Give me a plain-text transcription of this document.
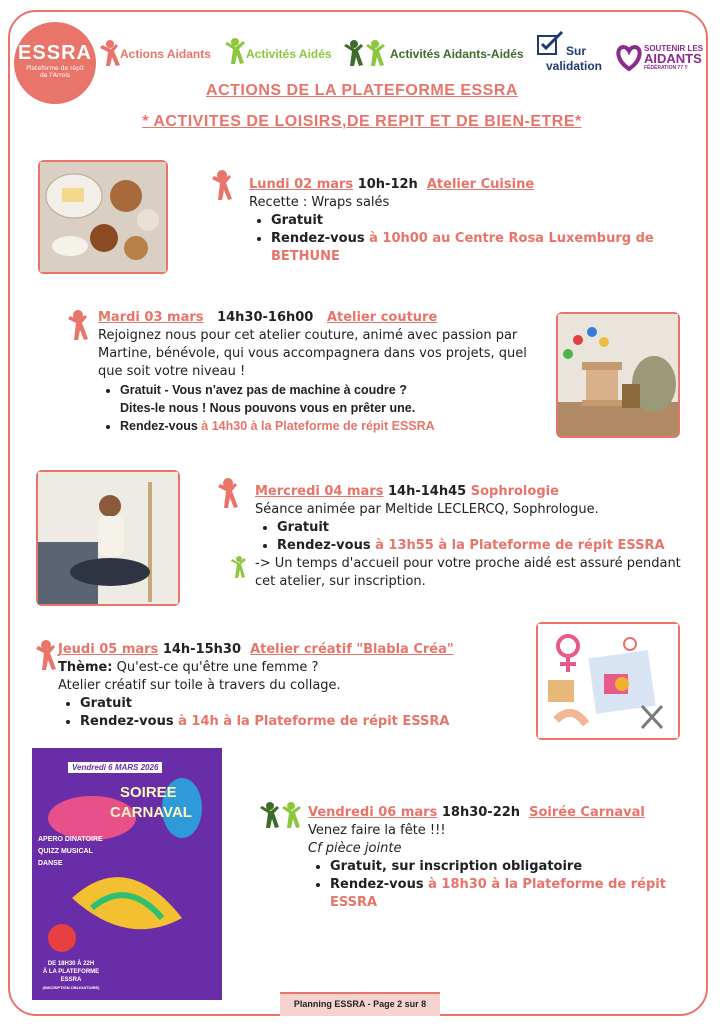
ESSRA
Plateforme de répit de l'Arrois
Actions Aidants	Activités Aidés	Activités Aidants-Aidés	Sur
validation
SOUTENIR LES
AIDANTS
FÉDÉRATION 77 !!
ACTIONS DE LA PLATEFORME ESSRA
* ACTIVITES DE LOISIRS,DE REPIT ET DE BIEN-ETRE*
Lundi 02 mars 10h-12h Atelier Cuisine
Recette : Wraps salés
• Gratuit
• Rendez-vous à 10h00 au Centre Rosa Luxemburg de BETHUNE
Mardi 03 mars 14h30-16h00 Atelier couture
Rejoignez nous pour cet atelier couture, animé avec passion par Martine, bénévole, qui vous accompagnera dans vos projets, quel que soit votre niveau !
• Gratuit - Vous n'avez pas de machine à coudre ?
Dites-le nous ! Nous pouvons vous en prêter une.
• Rendez-vous à 14h30 à la Plateforme de répit ESSRA
Mercredi 04 mars 14h-14h45 Sophrologie
Séance animée par Meltide LECLERCQ, Sophrologue.
• Gratuit
• Rendez-vous à 13h55 à la Plateforme de répit ESSRA
-> Un temps d'accueil pour votre proche aidé est assuré pendant cet atelier, sur inscription.
Jeudi 05 mars 14h-15h30 Atelier créatif "Blabla Créa"
Thème: Qu'est-ce qu'être une femme ?
Atelier créatif sur toile à travers du collage.
• Gratuit
• Rendez-vous à 14h à la Plateforme de répit ESSRA
Vendredi 6 MARS 2026
SOIREE
CARNAVAL
APERO DINATOIRE
QUIZZ MUSICAL
DANSE
DE 18H30 À 22H
À LA PLATEFORME
ESSRA
(INSCRIPTION OBLIGATOIRE)
Vendredi 06 mars 18h30-22h Soirée Carnaval
Venez faire la fête !!!
Cf pièce jointe
• Gratuit, sur inscription obligatoire
• Rendez-vous à 18h30 à la Plateforme de répit ESSRA
Planning ESSRA - Page 2 sur 8
